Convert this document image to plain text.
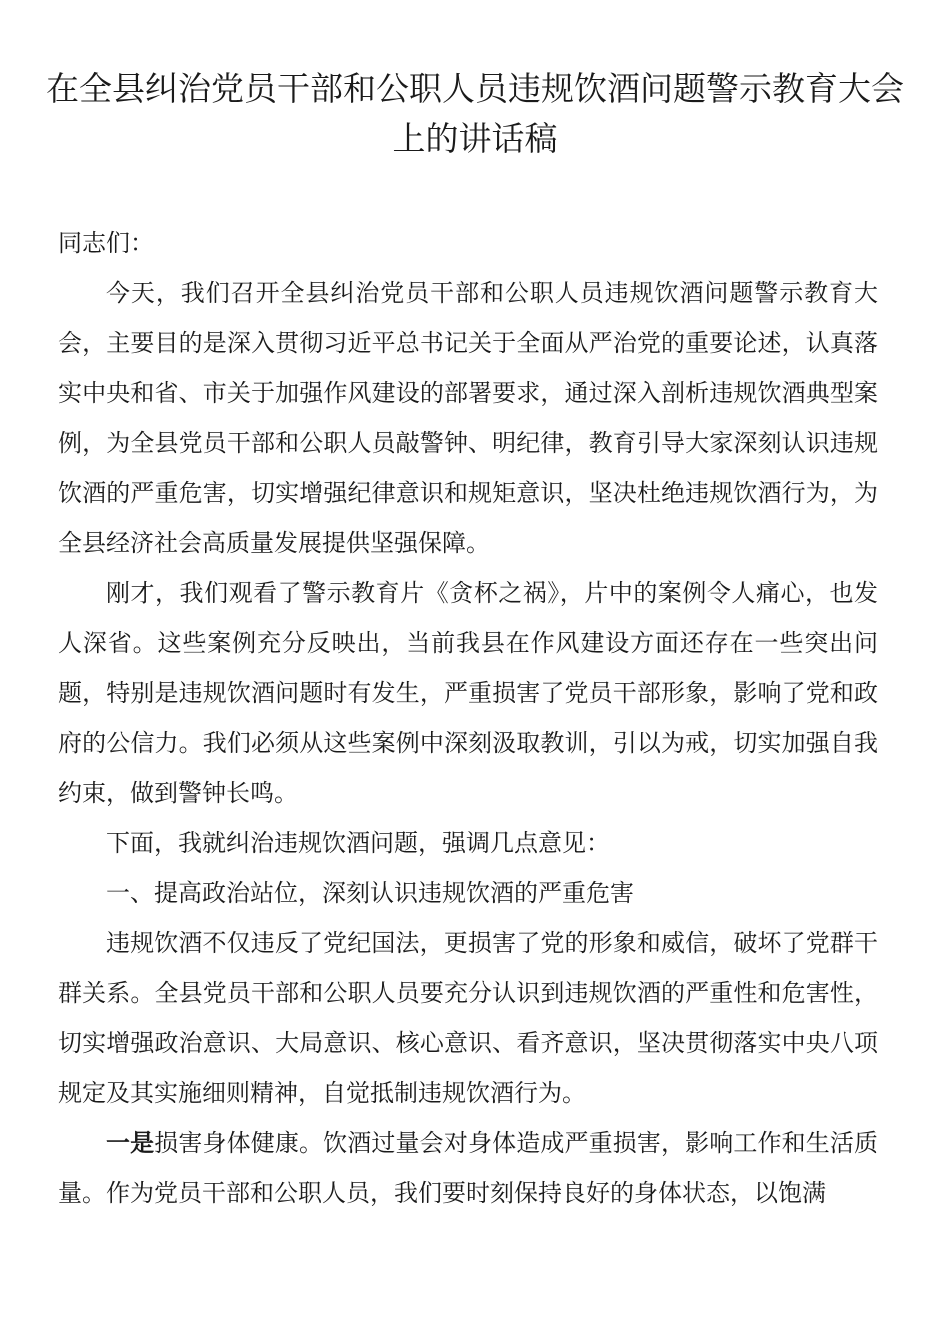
在全县纠治党员干部和公职人员违规饮酒问题警示教育大会上的讲话稿

同志们：

今天，我们召开全县纠治党员干部和公职人员违规饮酒问题警示教育大会，主要目的是深入贯彻习近平总书记关于全面从严治党的重要论述，认真落实中央和省、市关于加强作风建设的部署要求，通过深入剖析违规饮酒典型案例，为全县党员干部和公职人员敲警钟、明纪律，教育引导大家深刻认识违规饮酒的严重危害，切实增强纪律意识和规矩意识，坚决杜绝违规饮酒行为，为全县经济社会高质量发展提供坚强保障。

刚才，我们观看了警示教育片《贪杯之祸》，片中的案例令人痛心，也发人深省。这些案例充分反映出，当前我县在作风建设方面还存在一些突出问题，特别是违规饮酒问题时有发生，严重损害了党员干部形象，影响了党和政府的公信力。我们必须从这些案例中深刻汲取教训，引以为戒，切实加强自我约束，做到警钟长鸣。

下面，我就纠治违规饮酒问题，强调几点意见：

一、提高政治站位，深刻认识违规饮酒的严重危害

违规饮酒不仅违反了党纪国法，更损害了党的形象和威信，破坏了党群干群关系。全县党员干部和公职人员要充分认识到违规饮酒的严重性和危害性，切实增强政治意识、大局意识、核心意识、看齐意识，坚决贯彻落实中央八项规定及其实施细则精神，自觉抵制违规饮酒行为。

一是损害身体健康。饮酒过量会对身体造成严重损害，影响工作和生活质量。作为党员干部和公职人员，我们要时刻保持良好的身体状态，以饱满
